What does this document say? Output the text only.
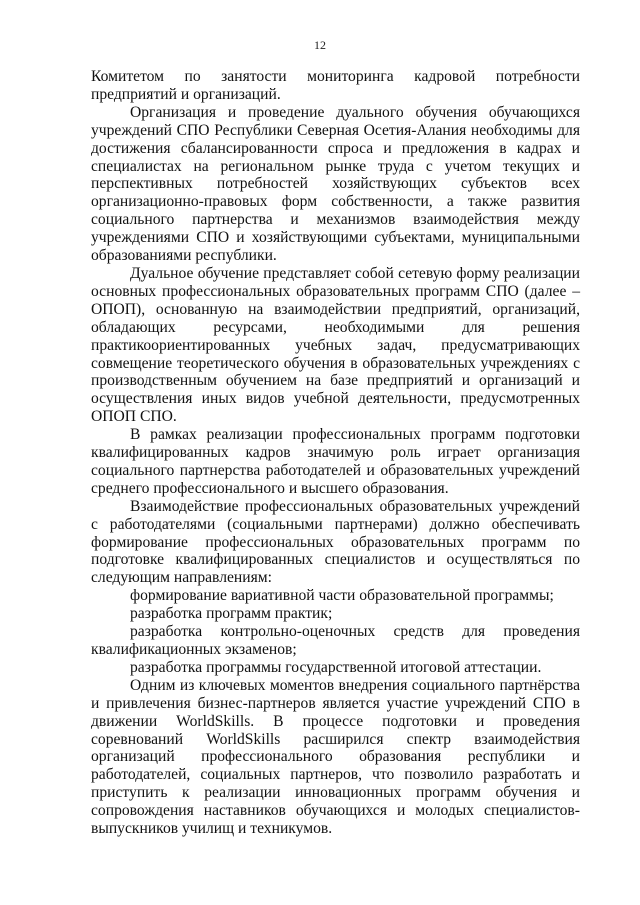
12

Комитетом по занятости мониторинга кадровой потребности предприятий и организаций.

Организация и проведение дуального обучения обучающихся учреждений СПО Республики Северная Осетия-Алания необходимы для достижения сбалансированности спроса и предложения в кадрах и специалистах на региональном рынке труда с учетом текущих и перспективных потребностей хозяйствующих субъектов всех организационно-правовых форм собственности, а также развития социального партнерства и механизмов взаимодействия между учреждениями СПО и хозяйствующими субъектами, муниципальными образованиями республики.

Дуальное обучение представляет собой сетевую форму реализации основных профессиональных образовательных программ СПО (далее – ОПОП), основанную на взаимодействии предприятий, организаций, обладающих ресурсами, необходимыми для решения практикоориентированных учебных задач, предусматривающих совмещение теоретического обучения в образовательных учреждениях с производственным обучением на базе предприятий и организаций и осуществления иных видов учебной деятельности, предусмотренных ОПОП СПО.

В рамках реализации профессиональных программ подготовки квалифицированных кадров значимую роль играет организация социального партнерства работодателей и образовательных учреждений среднего профессионального и высшего образования.

Взаимодействие профессиональных образовательных учреждений с работодателями (социальными партнерами) должно обеспечивать формирование профессиональных образовательных программ по подготовке квалифицированных специалистов и осуществляться по следующим направлениям:

формирование вариативной части образовательной программы;

разработка программ практик;

разработка контрольно-оценочных средств для проведения квалификационных экзаменов;

разработка программы государственной итоговой аттестации.

Одним из ключевых моментов внедрения социального партнёрства и привлечения бизнес-партнеров является участие учреждений СПО в движении WorldSkills. В процессе подготовки и проведения соревнований WorldSkills расширился спектр взаимодействия организаций профессионального образования республики и работодателей, социальных партнеров, что позволило разработать и приступить к реализации инновационных программ обучения и сопровождения наставников обучающихся и молодых специалистов-выпускников училищ и техникумов.
